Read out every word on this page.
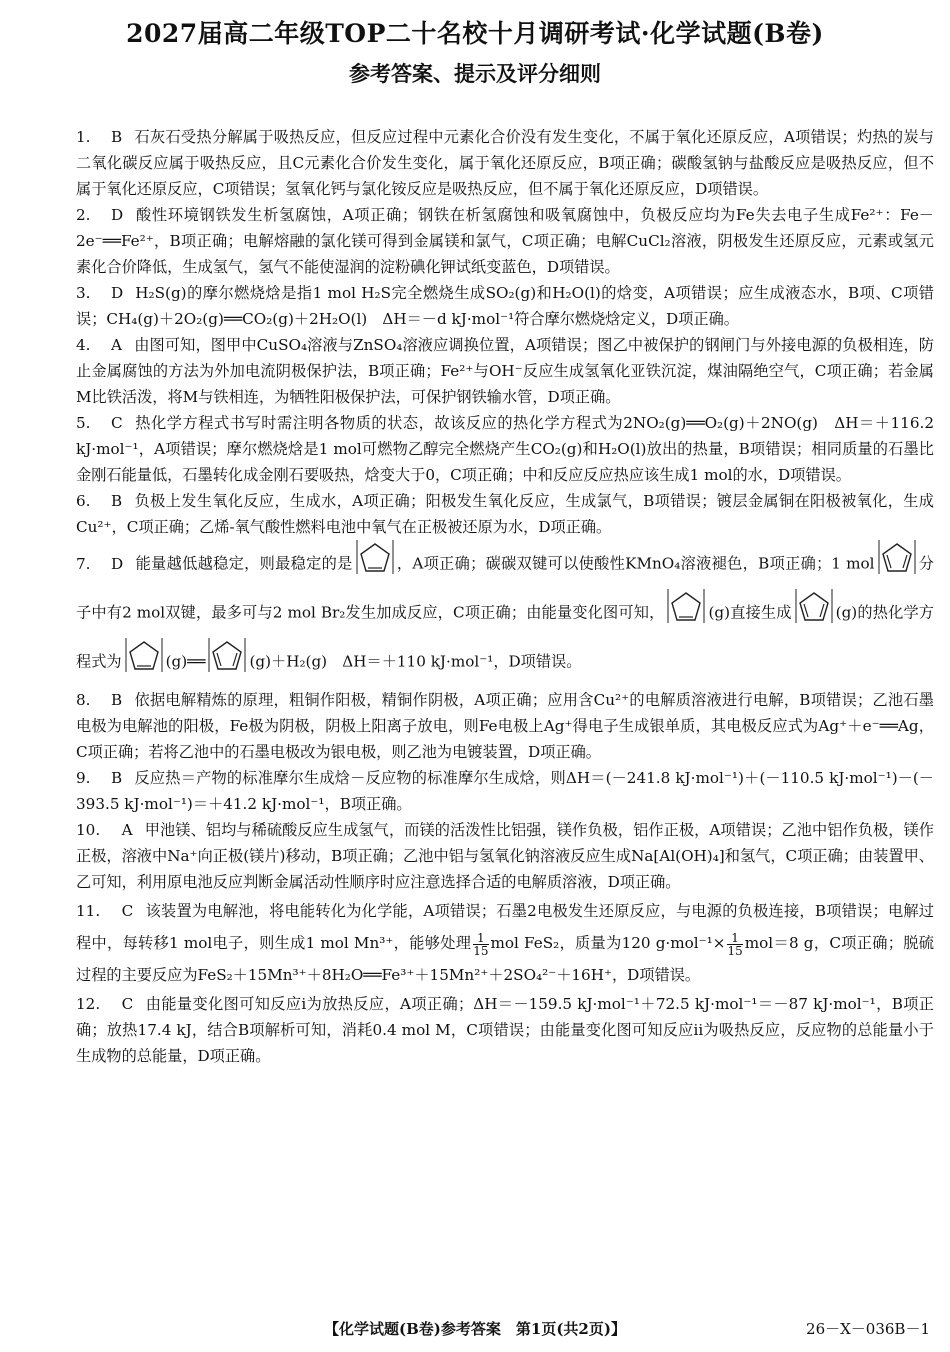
2027届高二年级TOP二十名校十月调研考试·化学试题(B卷)
参考答案、提示及评分细则

1. B 石灰石受热分解属于吸热反应，但反应过程中元素化合价没有发生变化，不属于氧化还原反应，A项错误；灼热的炭与二氧化碳反应属于吸热反应，且C元素化合价发生变化，属于氧化还原反应，B项正确；碳酸氢钠与盐酸反应是吸热反应，但不属于氧化还原反应，C项错误；氢氧化钙与氯化铵反应是吸热反应，但不属于氧化还原反应，D项错误。

2. D 酸性环境钢铁发生析氢腐蚀，A项正确；钢铁在析氢腐蚀和吸氧腐蚀中，负极反应均为Fe失去电子生成Fe²⁺：Fe－2e⁻══Fe²⁺，B项正确；电解熔融的氯化镁可得到金属镁和氯气，C项正确；电解CuCl₂溶液，阴极发生还原反应，元素或氢元素化合价降低，生成氢气，氢气不能使湿润的淀粉碘化钾试纸变蓝色，D项错误。

3. D H₂S(g)的摩尔燃烧焓是指1 mol H₂S完全燃烧生成SO₂(g)和H₂O(l)的焓变，A项错误；应生成液态水，B项、C项错误；CH₄(g)＋2O₂(g)══CO₂(g)＋2H₂O(l)　ΔH＝－d kJ·mol⁻¹符合摩尔燃烧焓定义，D项正确。

4. A 由图可知，图甲中CuSO₄溶液与ZnSO₄溶液应调换位置，A项错误；图乙中被保护的钢闸门与外接电源的负极相连，防止金属腐蚀的方法为外加电流阴极保护法，B项正确；Fe²⁺与OH⁻反应生成氢氧化亚铁沉淀，煤油隔绝空气，C项正确；若金属M比铁活泼，将M与铁相连，为牺牲阳极保护法，可保护钢铁输水管，D项正确。

5. C 热化学方程式书写时需注明各物质的状态，故该反应的热化学方程式为2NO₂(g)══O₂(g)＋2NO(g)　ΔH＝＋116.2 kJ·mol⁻¹，A项错误；摩尔燃烧焓是1 mol可燃物乙醇完全燃烧产生CO₂(g)和H₂O(l)放出的热量，B项错误；相同质量的石墨比金刚石能量低，石墨转化成金刚石要吸热，焓变大于0，C项正确；中和反应反应热应该生成1 mol的水，D项错误。

6. B 负极上发生氧化反应，生成水，A项正确；阳极发生氧化反应，生成氯气，B项错误；镀层金属铜在阳极被氧化，生成Cu²⁺，C项正确；乙烯-氧气酸性燃料电池中氧气在正极被还原为水，D项正确。

7. D 能量越低越稳定，则最稳定的是	，A项正确；碳碳双键可以使酸性KMnO₄溶液褪色，B项正确；1 mol	分子中有2 mol双键，最多可与2 mol Br₂发生加成反应，C项正确；由能量变化图可知，	(g)直接生成	(g)的热化学方程式为	(g)══	(g)＋H₂(g)　ΔH＝＋110 kJ·mol⁻¹，D项错误。

8. B 依据电解精炼的原理，粗铜作阳极，精铜作阴极，A项正确；应用含Cu²⁺的电解质溶液进行电解，B项错误；乙池石墨电极为电解池的阳极，Fe极为阴极，阴极上阳离子放电，则Fe电极上Ag⁺得电子生成银单质，其电极反应式为Ag⁺＋e⁻══Ag，C项正确；若将乙池中的石墨电极改为银电极，则乙池为电镀装置，D项正确。

9. B 反应热＝产物的标准摩尔生成焓－反应物的标准摩尔生成焓，则ΔH＝(－241.8 kJ·mol⁻¹)＋(－110.5 kJ·mol⁻¹)－(－393.5 kJ·mol⁻¹)＝＋41.2 kJ·mol⁻¹，B项正确。

10. A 甲池镁、铝均与稀硫酸反应生成氢气，而镁的活泼性比铝强，镁作负极，铝作正极，A项错误；乙池中铝作负极，镁作正极，溶液中Na⁺向正极(镁片)移动，B项正确；乙池中铝与氢氧化钠溶液反应生成Na[Al(OH)₄]和氢气，C项正确；由装置甲、乙可知，利用原电池反应判断金属活动性顺序时应注意选择合适的电解质溶液，D项正确。

11. C 该装置为电解池，将电能转化为化学能，A项错误；石墨2电极发生还原反应，与电源的负极连接，B项错误；电解过程中，每转移1 mol电子，则生成1 mol Mn³⁺，能够处理 $\frac{1}{15}$ mol FeS₂，质量为120 $g\cdot mol^{-1}\times \frac{1}{15} mol=8$ g，C项正确；脱硫过程的主要反应为FeS₂＋15Mn³⁺＋8H₂O══Fe³⁺＋15Mn²⁺＋2SO₄²⁻＋16H⁺，D项错误。

12. C 由能量变化图可知反应ⅰ为放热反应，A项正确；ΔH＝－159.5 kJ·mol⁻¹＋72.5 kJ·mol⁻¹＝－87 kJ·mol⁻¹，B项正确；放热17.4 kJ，结合B项解析可知，消耗0.4 mol M，C项错误；由能量变化图可知反应ⅱ为吸热反应，反应物的总能量小于生成物的总能量，D项正确。

【化学试题(B卷)参考答案　第1页(共2页)】	26－X－036B－1
